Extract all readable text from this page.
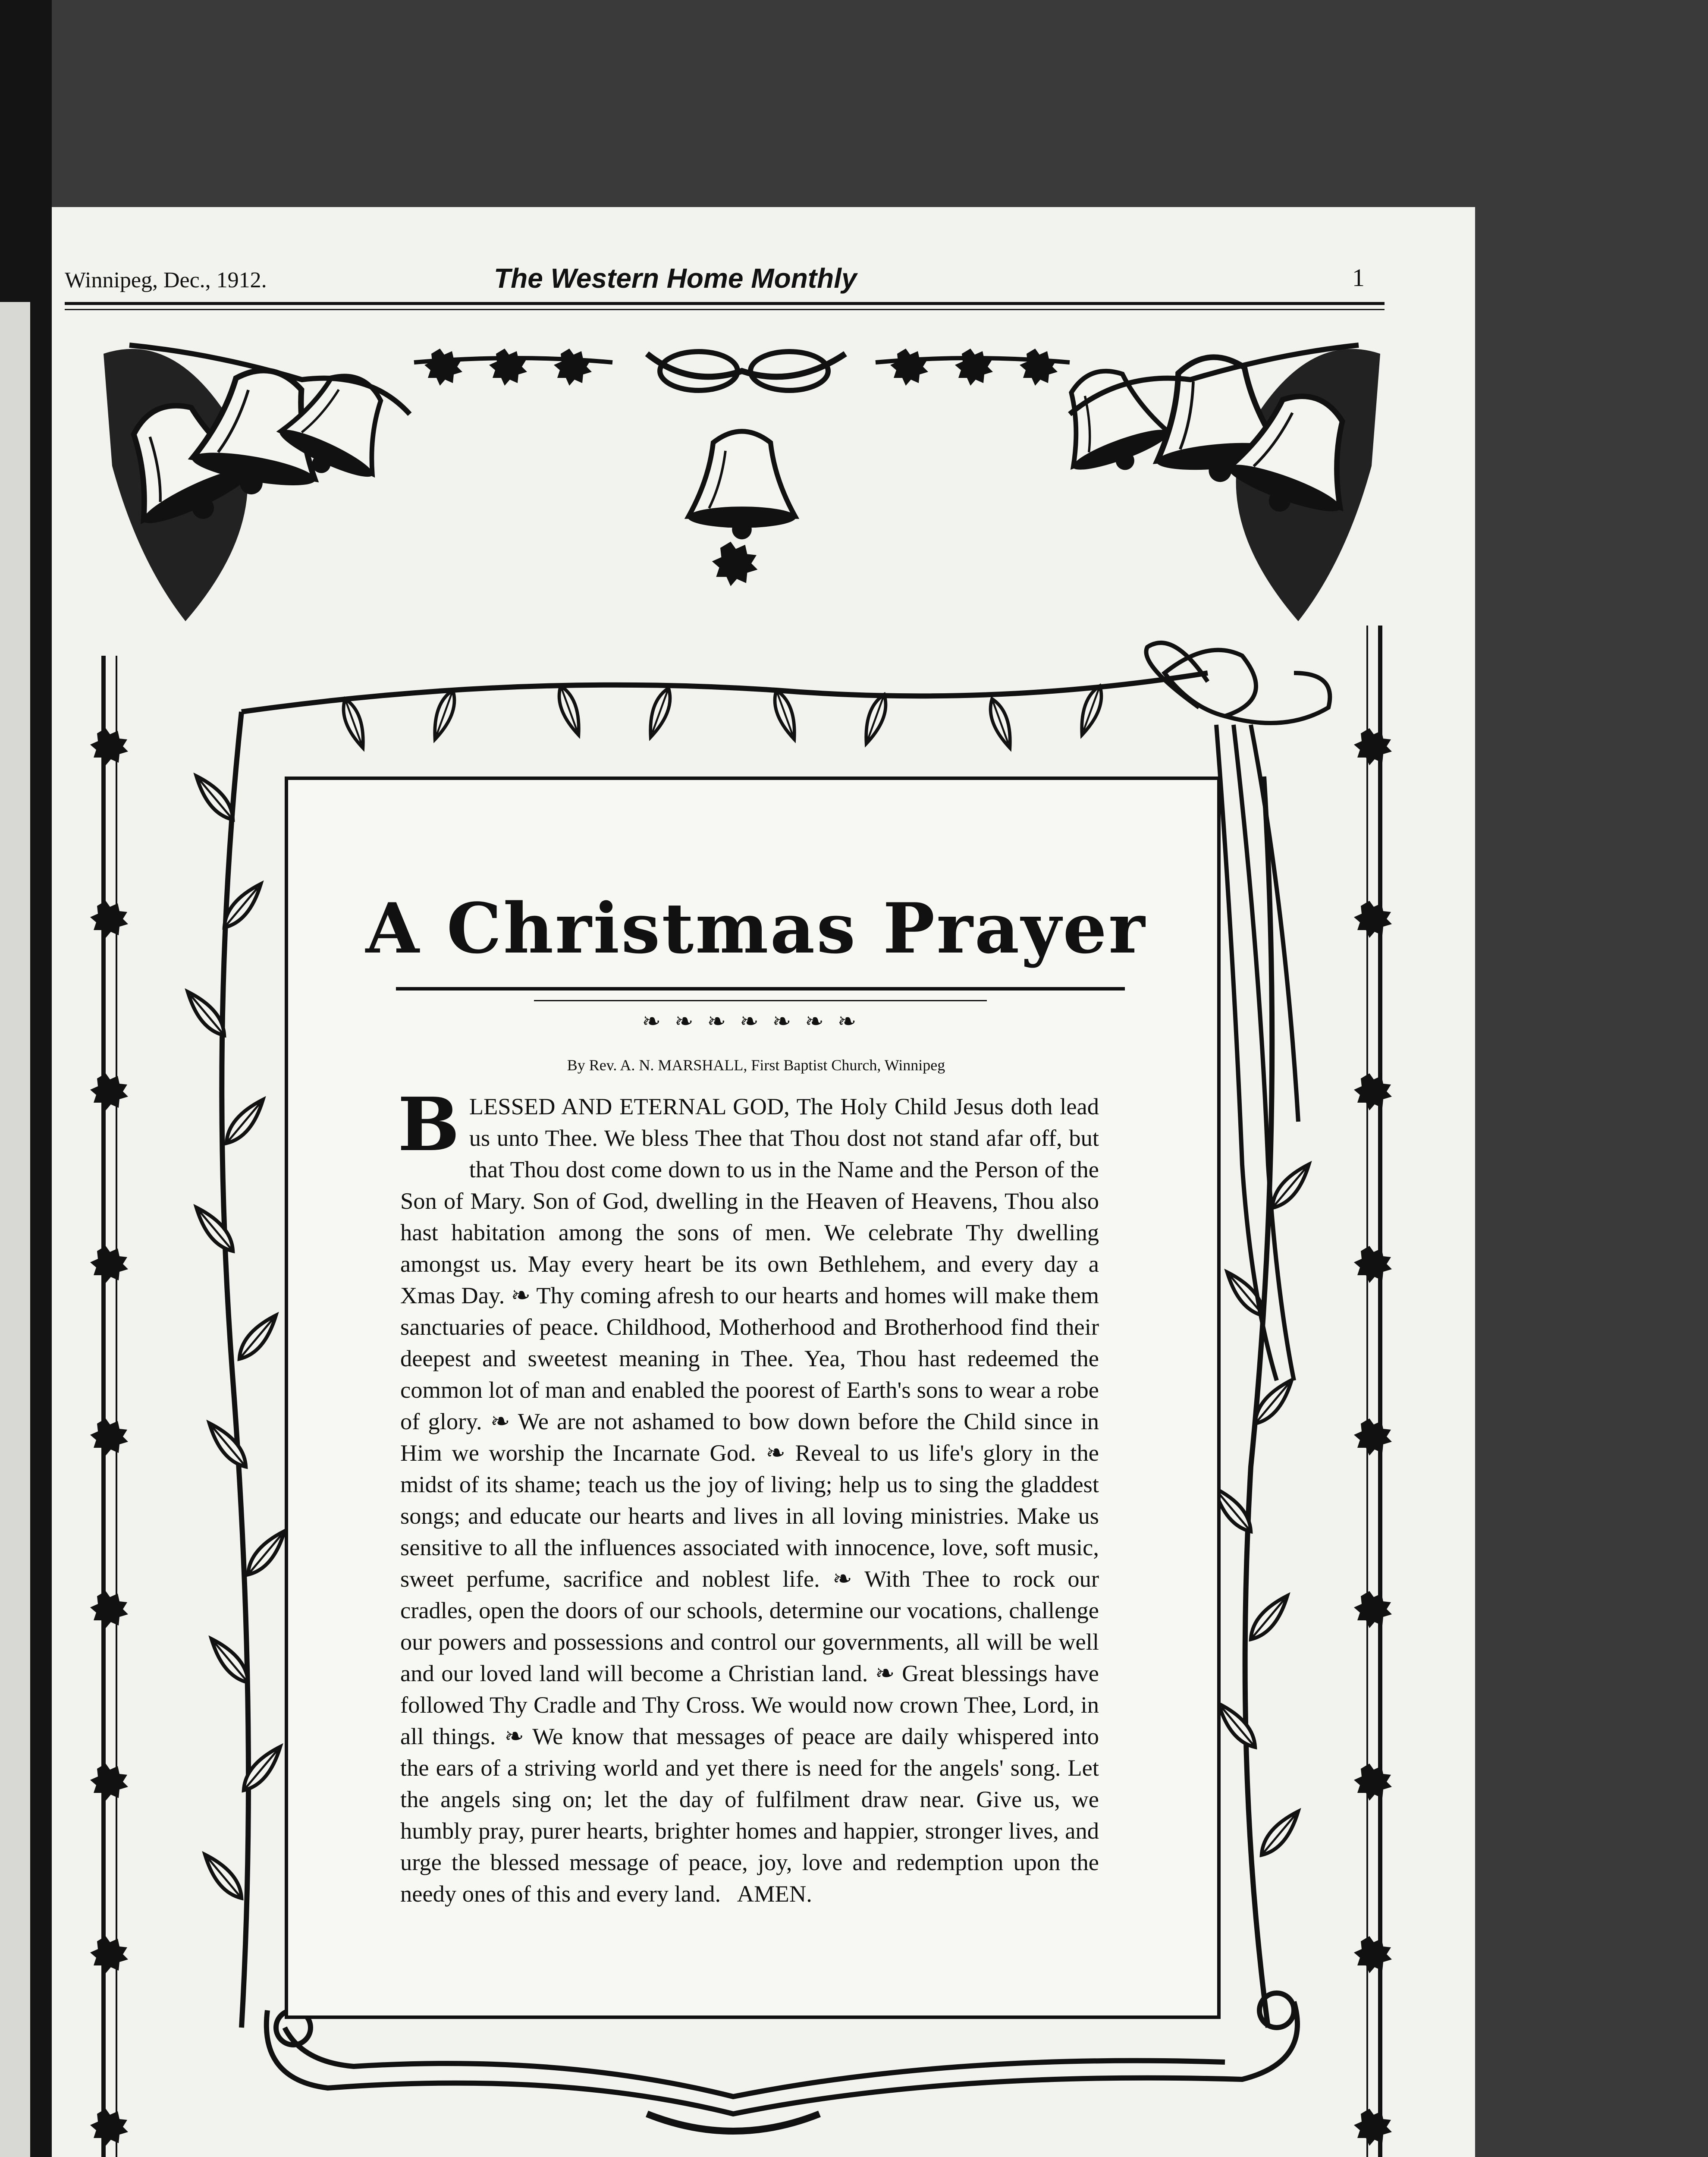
Winnipeg, Dec., 1912.	The Western Home Monthly	1
A Christmas Prayer
❧❧❧❧❧❧❧
By Rev. A. N. MARSHALL, First Baptist Church, Winnipeg
B LESSED AND ETERNAL GOD, The Holy Child Jesus doth lead us unto Thee. We bless Thee that Thou dost not stand afar off, but that Thou dost come down to us in the Name and the Person of the Son of Mary. Son of God, dwelling in the Heaven of Heavens, Thou also hast habitation among the sons of men. We celebrate Thy dwelling amongst us. May every heart be its own Bethlehem, and every day a Xmas Day. ❧ Thy coming afresh to our hearts and homes will make them sanctuaries of peace. Childhood, Motherhood and Brotherhood find their deepest and sweetest meaning in Thee. Yea, Thou hast redeemed the common lot of man and enabled the poorest of Earth's sons to wear a robe of glory. ❧ We are not ashamed to bow down before the Child since in Him we worship the Incarnate God. ❧ Reveal to us life's glory in the midst of its shame; teach us the joy of living; help us to sing the gladdest songs; and educate our hearts and lives in all loving ministries. Make us sensitive to all the influences associated with innocence, love, soft music, sweet perfume, sacrifice and noblest life. ❧ With Thee to rock our cradles, open the doors of our schools, determine our vocations, challenge our powers and possessions and control our governments, all will be well and our loved land will become a Christian land. ❧ Great blessings have followed Thy Cradle and Thy Cross. We would now crown Thee, Lord, in all things. ❧ We know that messages of peace are daily whispered into the ears of a striving world and yet there is need for the angels' song. Let the angels sing on; let the day of fulfilment draw near. Give us, we humbly pray, purer hearts, brighter homes and happier, stronger lives, and urge the blessed message of peace, joy, love and redemption upon the needy ones of this and every land. AMEN.
